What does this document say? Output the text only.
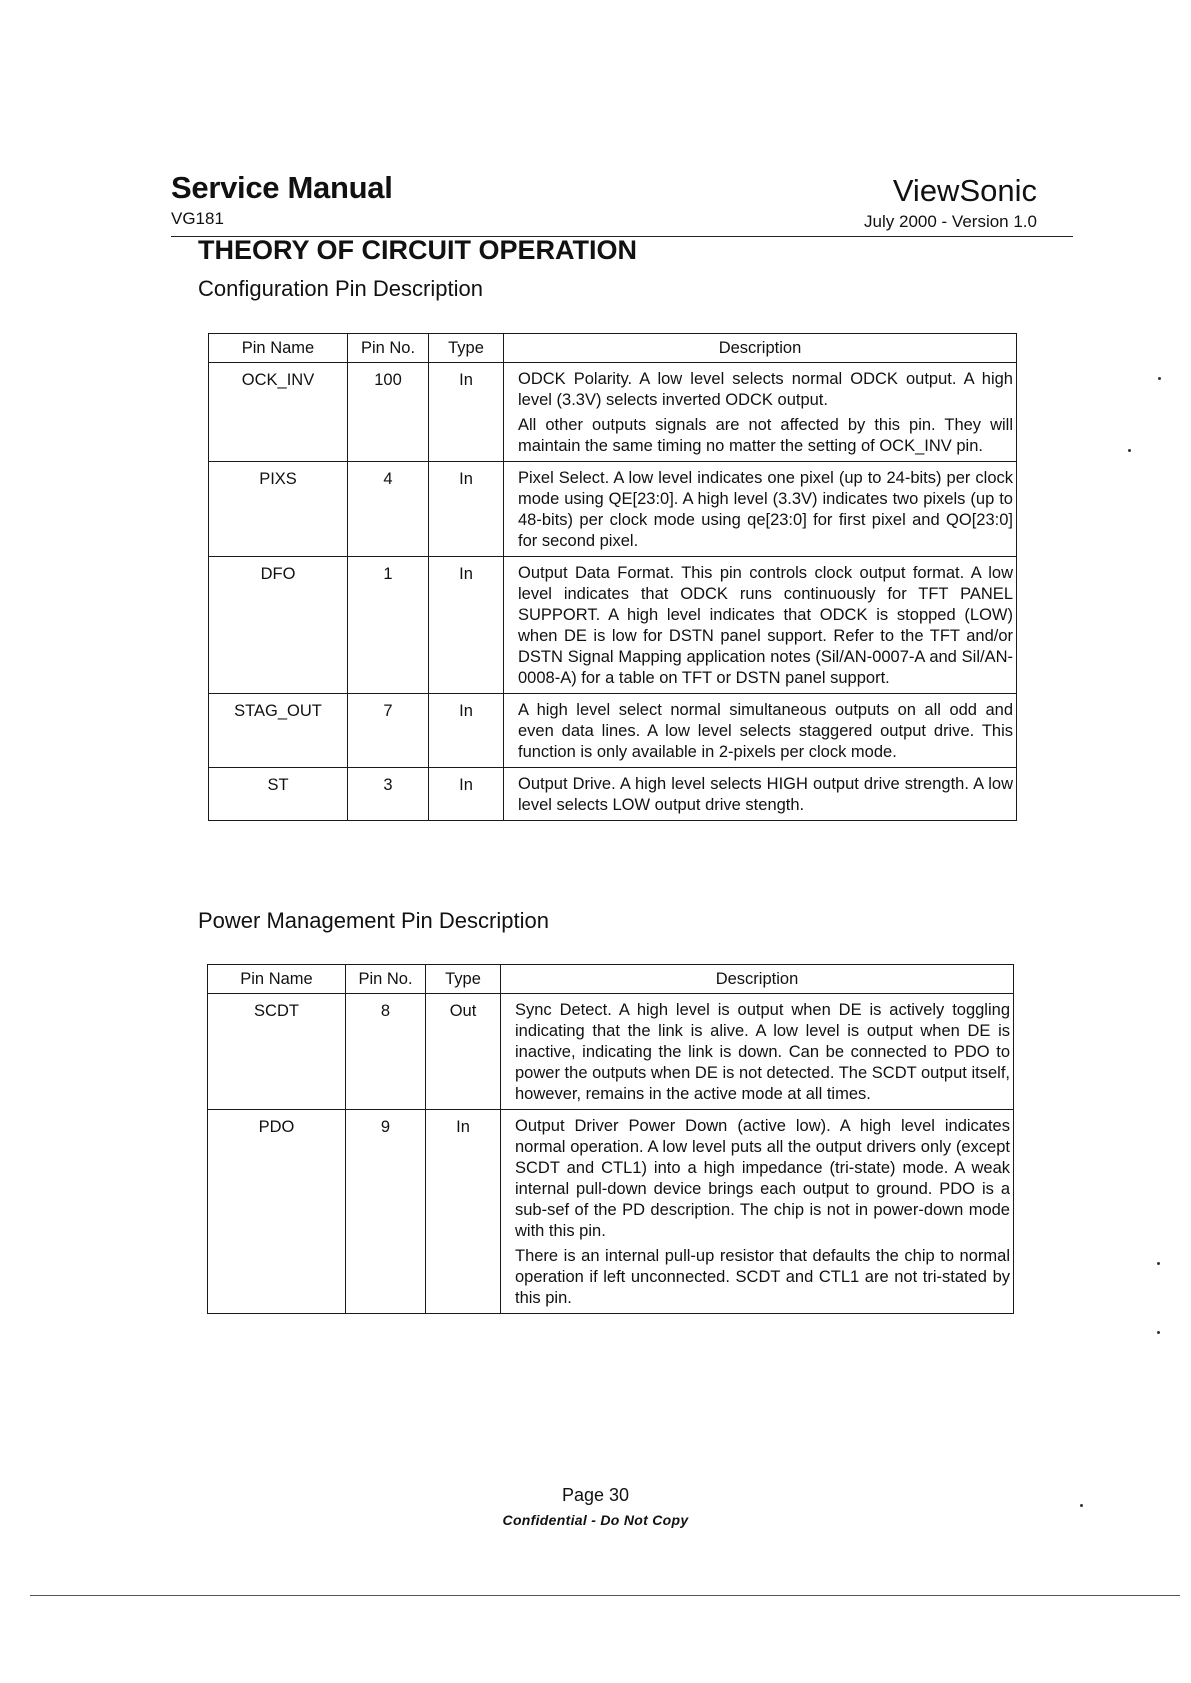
Service Manual	ViewSonic
VG181	July 2000 - Version 1.0
THEORY OF CIRCUIT OPERATION
Configuration Pin Description
Pin Name	Pin No.	Type	Description
OCK_INV	100	In	ODCK Polarity. A low level selects normal ODCK output. A high level (3.3V) selects inverted ODCK output.

All other outputs signals are not affected by this pin. They will maintain the same timing no matter the setting of OCK_INV pin.

PIXS	4	In	Pixel Select. A low level indicates one pixel (up to 24-bits) per clock mode using QE[23:0]. A high level (3.3V) indicates two pixels (up to 48-bits) per clock mode using qe[23:0] for first pixel and QO[23:0] for second pixel.

DFO	1	In	Output Data Format. This pin controls clock output format. A low level indicates that ODCK runs continuously for TFT PANEL SUPPORT. A high level indicates that ODCK is stopped (LOW) when DE is low for DSTN panel support. Refer to the TFT and/or DSTN Signal Mapping application notes (Sil/AN-0007-A and Sil/AN-0008-A) for a table on TFT or DSTN panel support.

STAG_OUT	7	In	A high level select normal simultaneous outputs on all odd and even data lines. A low level selects staggered output drive. This function is only available in 2-pixels per clock mode.

ST	3	In	Output Drive. A high level selects HIGH output drive strength. A low level selects LOW output drive stength.

Power Management Pin Description
Pin Name	Pin No.	Type	Description
SCDT	8	Out	Sync Detect. A high level is output when DE is actively toggling indicating that the link is alive. A low level is output when DE is inactive, indicating the link is down. Can be connected to PDO to power the outputs when DE is not detected. The SCDT output itself, however, remains in the active mode at all times.

PDO	9	In	Output Driver Power Down (active low). A high level indicates normal operation. A low level puts all the output drivers only (except SCDT and CTL1) into a high impedance (tri-state) mode. A weak internal pull-down device brings each output to ground. PDO is a sub-sef of the PD description. The chip is not in power-down mode with this pin.

There is an internal pull-up resistor that defaults the chip to normal operation if left unconnected. SCDT and CTL1 are not tri-stated by this pin.

Page 30
Confidential - Do Not Copy
